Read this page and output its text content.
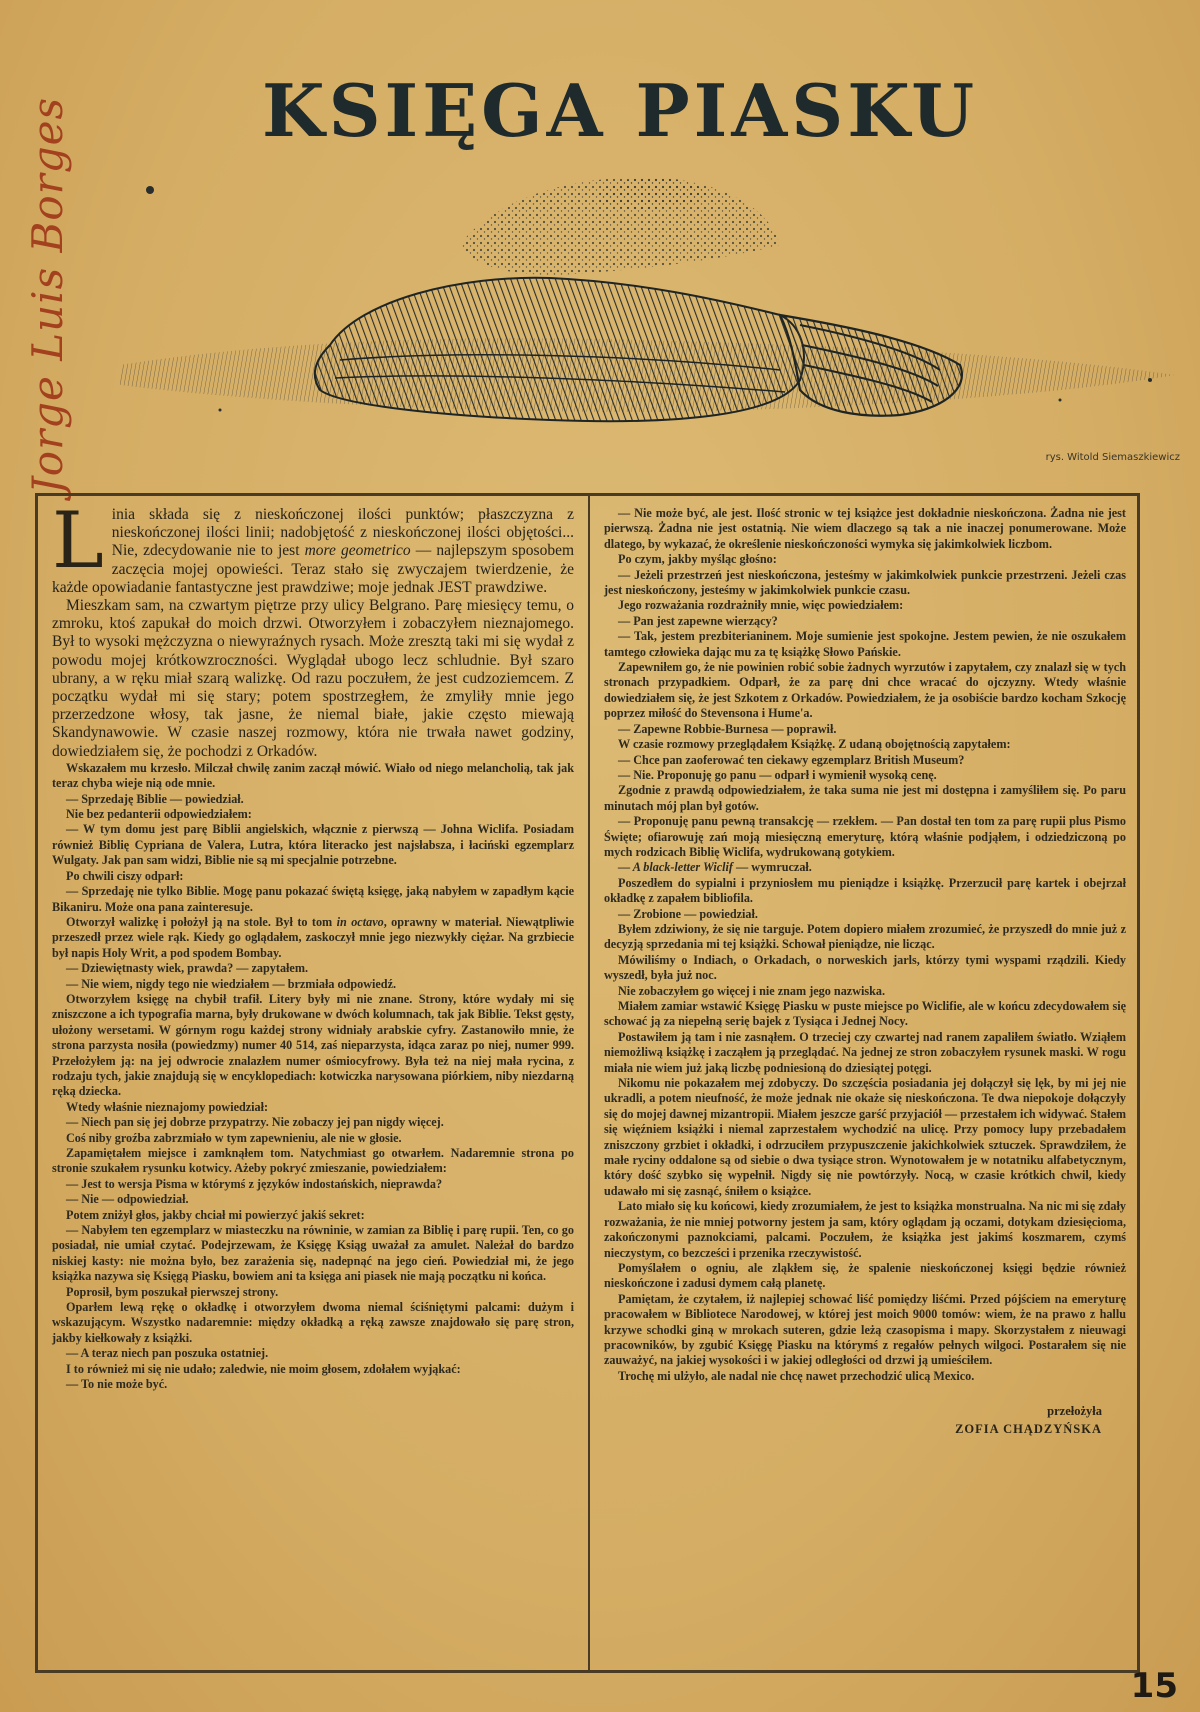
Jorge Luis Borges	KSIĘGA PIASKU
rys. Witold Siemaszkiewicz

Linia składa się z nieskończonej ilości punktów; płaszczyzna z nieskończonej ilości linii; nadobjętość z nieskończonej ilości objętości... Nie, zdecydowanie nie to jest more geometrico — najlepszym sposobem zaczęcia mojej opowieści. Teraz stało się zwyczajem twierdzenie, że każde opowiadanie fantastyczne jest prawdziwe; moje jednak JEST prawdziwe.

Mieszkam sam, na czwartym piętrze przy ulicy Belgrano. Parę miesięcy temu, o zmroku, ktoś zapukał do moich drzwi. Otworzyłem i zobaczyłem nieznajomego. Był to wysoki mężczyzna o niewyraźnych rysach. Może zresztą taki mi się wydał z powodu mojej krótkowzroczności. Wyglądał ubogo lecz schludnie. Był szaro ubrany, a w ręku miał szarą walizkę. Od razu poczułem, że jest cudzoziemcem. Z początku wydał mi się stary; potem spostrzegłem, że zmyliły mnie jego przerzedzone włosy, tak jasne, że niemal białe, jakie często miewają Skandynawowie. W czasie naszej rozmowy, która nie trwała nawet godziny, dowiedziałem się, że pochodzi z Orkadów.

Wskazałem mu krzesło. Milczał chwilę zanim zaczął mówić. Wiało od niego melancholią, tak jak teraz chyba wieje nią ode mnie.

— Sprzedaję Biblie — powiedział.

Nie bez pedanterii odpowiedziałem:

— W tym domu jest parę Biblii angielskich, włącznie z pierwszą — Johna Wiclifa. Posiadam również Biblię Cypriana de Valera, Lutra, która literacko jest najsłabsza, i łaciński egzemplarz Wulgaty. Jak pan sam widzi, Biblie nie są mi specjalnie potrzebne.

Po chwili ciszy odparł:

— Sprzedaję nie tylko Biblie. Mogę panu pokazać świętą księgę, jaką nabyłem w zapadłym kącie Bikaniru. Może ona pana zainteresuje.

Otworzył walizkę i położył ją na stole. Był to tom in octavo, oprawny w materiał. Niewątpliwie przeszedł przez wiele rąk. Kiedy go oglądałem, zaskoczył mnie jego niezwykły ciężar. Na grzbiecie był napis Holy Writ, a pod spodem Bombay.

— Dziewiętnasty wiek, prawda? — zapytałem.

— Nie wiem, nigdy tego nie wiedziałem — brzmiała odpowiedź.

Otworzyłem księgę na chybił trafił. Litery były mi nie znane. Strony, które wydały mi się zniszczone a ich typografia marna, były drukowane w dwóch kolumnach, tak jak Biblie. Tekst gęsty, ułożony wersetami. W górnym rogu każdej strony widniały arabskie cyfry. Zastanowiło mnie, że strona parzysta nosiła (powiedzmy) numer 40 514, zaś nieparzysta, idąca zaraz po niej, numer 999. Przełożyłem ją: na jej odwrocie znalazłem numer ośmiocyfrowy. Była też na niej mała rycina, z rodzaju tych, jakie znajdują się w encyklopediach: kotwiczka narysowana piórkiem, niby niezdarną ręką dziecka.

Wtedy właśnie nieznajomy powiedział:

— Niech pan się jej dobrze przypatrzy. Nie zobaczy jej pan nigdy więcej.

Coś niby groźba zabrzmiało w tym zapewnieniu, ale nie w głosie.

Zapamiętałem miejsce i zamknąłem tom. Natychmiast go otwarłem. Nadaremnie strona po stronie szukałem rysunku kotwicy. Ażeby pokryć zmieszanie, powiedziałem:

— Jest to wersja Pisma w którymś z języków indostańskich, nieprawda?

— Nie — odpowiedział.

Potem zniżył głos, jakby chciał mi powierzyć jakiś sekret:

— Nabyłem ten egzemplarz w miasteczku na równinie, w zamian za Biblię i parę rupii. Ten, co go posiadał, nie umiał czytać. Podejrzewam, że Księgę Ksiąg uważał za amulet. Należał do bardzo niskiej kasty: nie można było, bez zarażenia się, nadepnąć na jego cień. Powiedział mi, że jego książka nazywa się Księgą Piasku, bowiem ani ta księga ani piasek nie mają początku ni końca.

Poprosił, bym poszukał pierwszej strony.

Oparłem lewą rękę o okładkę i otworzyłem dwoma niemal ściśniętymi palcami: dużym i wskazującym. Wszystko nadaremnie: między okładką a ręką zawsze znajdowało się parę stron, jakby kiełkowały z książki.

— A teraz niech pan poszuka ostatniej.

I to również mi się nie udało; zaledwie, nie moim głosem, zdołałem wyjąkać:

— To nie może być.

— Nie może być, ale jest. Ilość stronic w tej książce jest dokładnie nieskończona. Żadna nie jest pierwszą. Żadna nie jest ostatnią. Nie wiem dlaczego są tak a nie inaczej ponumerowane. Może dlatego, by wykazać, że określenie nieskończoności wymyka się jakimkolwiek liczbom.

Po czym, jakby myśląc głośno:

— Jeżeli przestrzeń jest nieskończona, jesteśmy w jakimkolwiek punkcie przestrzeni. Jeżeli czas jest nieskończony, jesteśmy w jakimkolwiek punkcie czasu.

Jego rozważania rozdrażniły mnie, więc powiedziałem:

— Pan jest zapewne wierzący?

— Tak, jestem prezbiterianinem. Moje sumienie jest spokojne. Jestem pewien, że nie oszukałem tamtego człowieka dając mu za tę książkę Słowo Pańskie.

Zapewniłem go, że nie powinien robić sobie żadnych wyrzutów i zapytałem, czy znalazł się w tych stronach przypadkiem. Odparł, że za parę dni chce wracać do ojczyzny. Wtedy właśnie dowiedziałem się, że jest Szkotem z Orkadów. Powiedziałem, że ja osobiście bardzo kocham Szkocję poprzez miłość do Stevensona i Hume'a.

— Zapewne Robbie-Burnesa — poprawił.

W czasie rozmowy przeglądałem Książkę. Z udaną obojętnością zapytałem:

— Chce pan zaoferować ten ciekawy egzemplarz British Museum?

— Nie. Proponuję go panu — odparł i wymienił wysoką cenę.

Zgodnie z prawdą odpowiedziałem, że taka suma nie jest mi dostępna i zamyśliłem się. Po paru minutach mój plan był gotów.

— Proponuję panu pewną transakcję — rzekłem. — Pan dostał ten tom za parę rupii plus Pismo Święte; ofiarowuję zań moją miesięczną emeryturę, którą właśnie podjąłem, i odziedziczoną po mych rodzicach Biblię Wiclifa, wydrukowaną gotykiem.

— A black-letter Wiclif — wymruczał.

Poszedłem do sypialni i przyniosłem mu pieniądze i książkę. Przerzucił parę kartek i obejrzał okładkę z zapałem bibliofila.

— Zrobione — powiedział.

Byłem zdziwiony, że się nie targuje. Potem dopiero miałem zrozumieć, że przyszedł do mnie już z decyzją sprzedania mi tej książki. Schował pieniądze, nie licząc.

Mówiliśmy o Indiach, o Orkadach, o norweskich jarls, którzy tymi wyspami rządzili. Kiedy wyszedł, była już noc.

Nie zobaczyłem go więcej i nie znam jego nazwiska.

Miałem zamiar wstawić Księgę Piasku w puste miejsce po Wiclifie, ale w końcu zdecydowałem się schować ją za niepełną serię bajek z Tysiąca i Jednej Nocy.

Postawiłem ją tam i nie zasnąłem. O trzeciej czy czwartej nad ranem zapaliłem światło. Wziąłem niemożliwą książkę i zacząłem ją przeglądać. Na jednej ze stron zobaczyłem rysunek maski. W rogu miała nie wiem już jaką liczbę podniesioną do dziesiątej potęgi.

Nikomu nie pokazałem mej zdobyczy. Do szczęścia posiadania jej dołączył się lęk, by mi jej nie ukradli, a potem nieufność, że może jednak nie okaże się nieskończona. Te dwa niepokoje dołączyły się do mojej dawnej mizantropii. Miałem jeszcze garść przyjaciół — przestałem ich widywać. Stałem się więźniem książki i niemal zaprzestałem wychodzić na ulicę. Przy pomocy lupy przebadałem zniszczony grzbiet i okładki, i odrzuciłem przypuszczenie jakichkolwiek sztuczek. Sprawdziłem, że małe ryciny oddalone są od siebie o dwa tysiące stron. Wynotowałem je w notatniku alfabetycznym, który dość szybko się wypełnił. Nigdy się nie powtórzyły. Nocą, w czasie krótkich chwil, kiedy udawało mi się zasnąć, śniłem o książce.

Lato miało się ku końcowi, kiedy zrozumiałem, że jest to książka monstrualna. Na nic mi się zdały rozważania, że nie mniej potworny jestem ja sam, który oglądam ją oczami, dotykam dziesięcioma, zakończonymi paznokciami, palcami. Poczułem, że książka jest jakimś koszmarem, czymś nieczystym, co bezcześci i przenika rzeczywistość.

Pomyślałem o ogniu, ale zląkłem się, że spalenie nieskończonej księgi będzie również nieskończone i zadusi dymem całą planetę.

Pamiętam, że czytałem, iż najlepiej schować liść pomiędzy liśćmi. Przed pójściem na emeryturę pracowałem w Bibliotece Narodowej, w której jest moich 9000 tomów: wiem, że na prawo z hallu krzywe schodki giną w mrokach suteren, gdzie leżą czasopisma i mapy. Skorzystałem z nieuwagi pracowników, by zgubić Księgę Piasku na którymś z regałów pełnych wilgoci. Postarałem się nie zauważyć, na jakiej wysokości i w jakiej odległości od drzwi ją umieściłem.

Trochę mi ulżyło, ale nadal nie chcę nawet przechodzić ulicą Mexico.

przełożyła
ZOFIA CHĄDZYŃSKA
15
